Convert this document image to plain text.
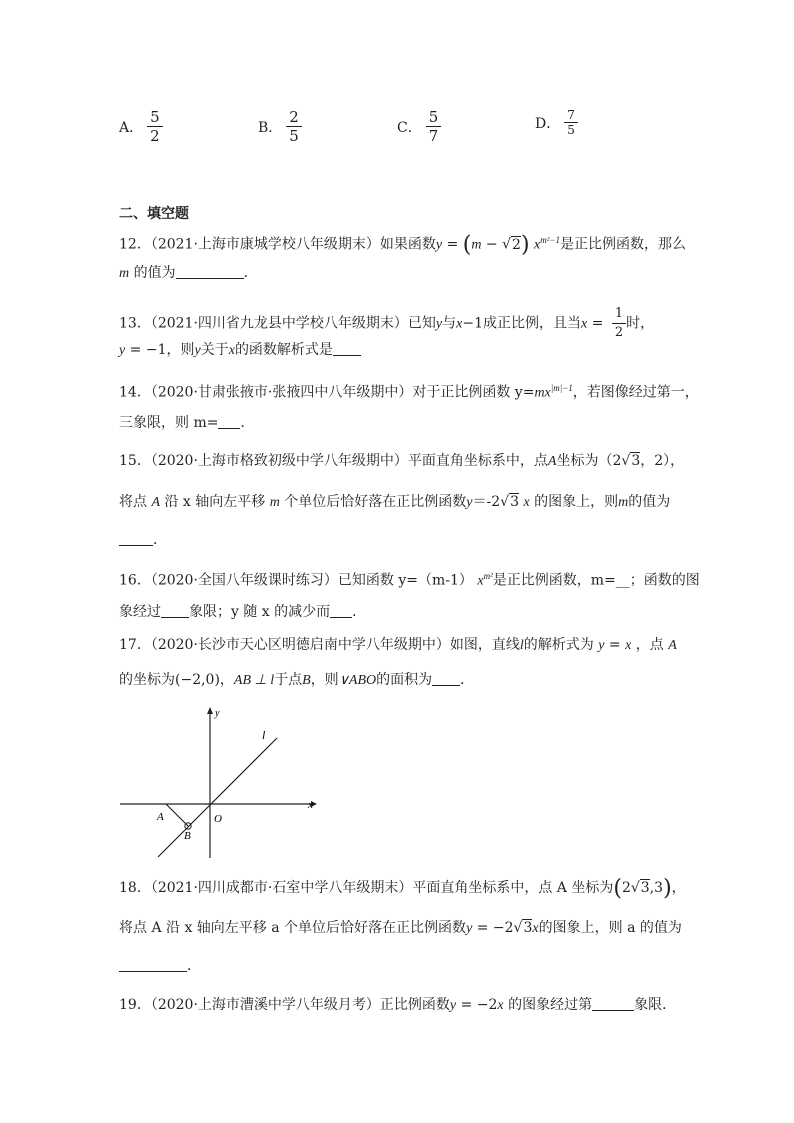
A． $\frac{5}{2}$	B． $\frac{2}{5}$	C． $\frac{5}{7}$	D． $\frac{7}{5}$
二、填空题
12．（2021·上海市康城学校八年级期末）如果函数y = (m − √2) $x^{m^2-1}$是正比例函数，那么
m 的值为	．
13．（2021·四川省九龙县中学校八年级期末）已知y与x−1成正比例，且当$x = \frac{1}{2}$ 时，
y = −1，则y关于x的函数解析式是
14．（2020·甘肃张掖市·张掖四中八年级期中）对于正比例函数 $y=mx^{|m|-1}$，若图像经过第一，
三象限，则 m= ．
15．（2020·上海市格致初级中学八年级期中）平面直角坐标系中，点A坐标为（2√3，2），
将点 A 沿 x 轴向左平移 m 个单位后恰好落在正比例函数y＝-2√3 x 的图象上，则m的值为
．
16．（2020·全国八年级课时练习）已知函数 y=（m-1） $x^{m^2}$是正比例函数，m=__；函数的图
象经过 象限；y 随 x 的减少而 ．
17．（2020·长沙市天心区明德启南中学八年级期中）如图，直线l的解析式为 y = x ，点 A
的坐标为(−2,0)，AB ⊥ l于点B，则∨ABO的面积为 ．
y
x
l
A
B
O
18．（2021·四川成都市·石室中学八年级期末）平面直角坐标系中，点 A 坐标为(2√3,3)，
将点 A 沿 x 轴向左平移 a 个单位后恰好落在正比例函数y = −2√3x的图象上，则 a 的值为
．
19．（2020·上海市漕溪中学八年级月考）正比例函数y = −2x 的图象经过第	象限．
